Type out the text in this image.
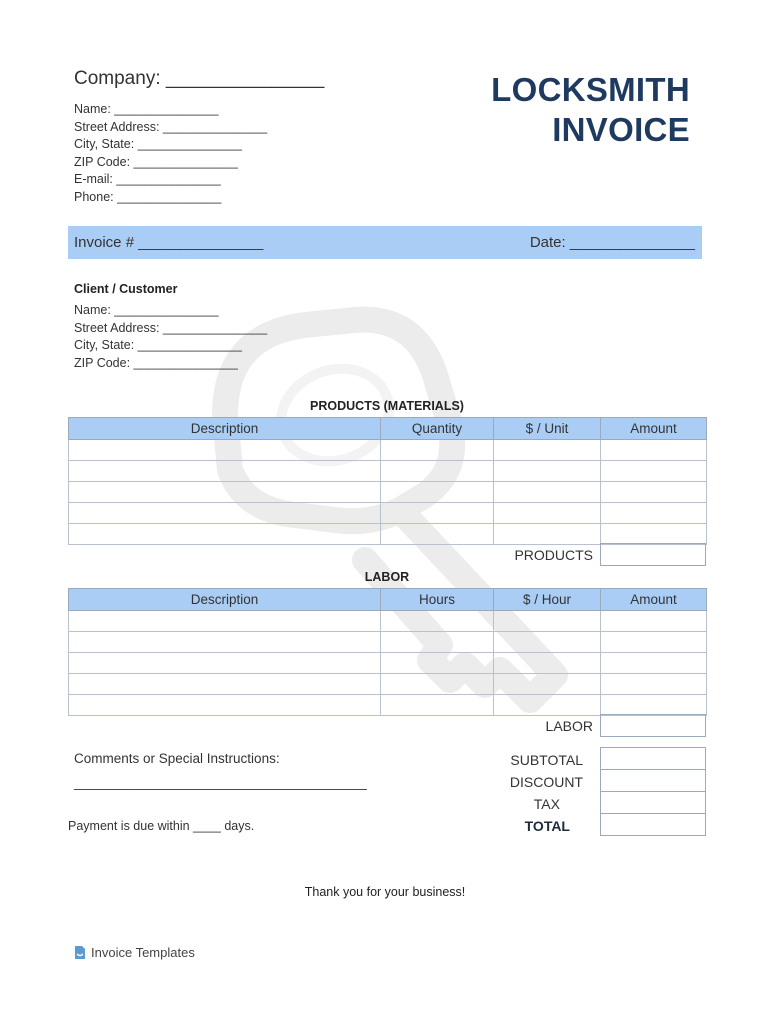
Company: _______________
Name: _______________
Street Address: _______________
City, State: _______________
ZIP Code: _______________
E-mail: _______________
Phone: _______________
LOCKSMITH
INVOICE
Invoice # _______________	Date: _______________
Client / Customer
Name: _______________
Street Address: _______________
City, State: _______________
ZIP Code: _______________
PRODUCTS (MATERIALS)
Description	Quantity	$ / Unit	Amount

PRODUCTS
LABOR
Description	Hours	$ / Hour	Amount

LABOR
SUBTOTAL
DISCOUNT
TAX
TOTAL

Comments or Special Instructions:
_______________________________________
Payment is due within ____ days.
Thank you for your business!
Invoice Templates
